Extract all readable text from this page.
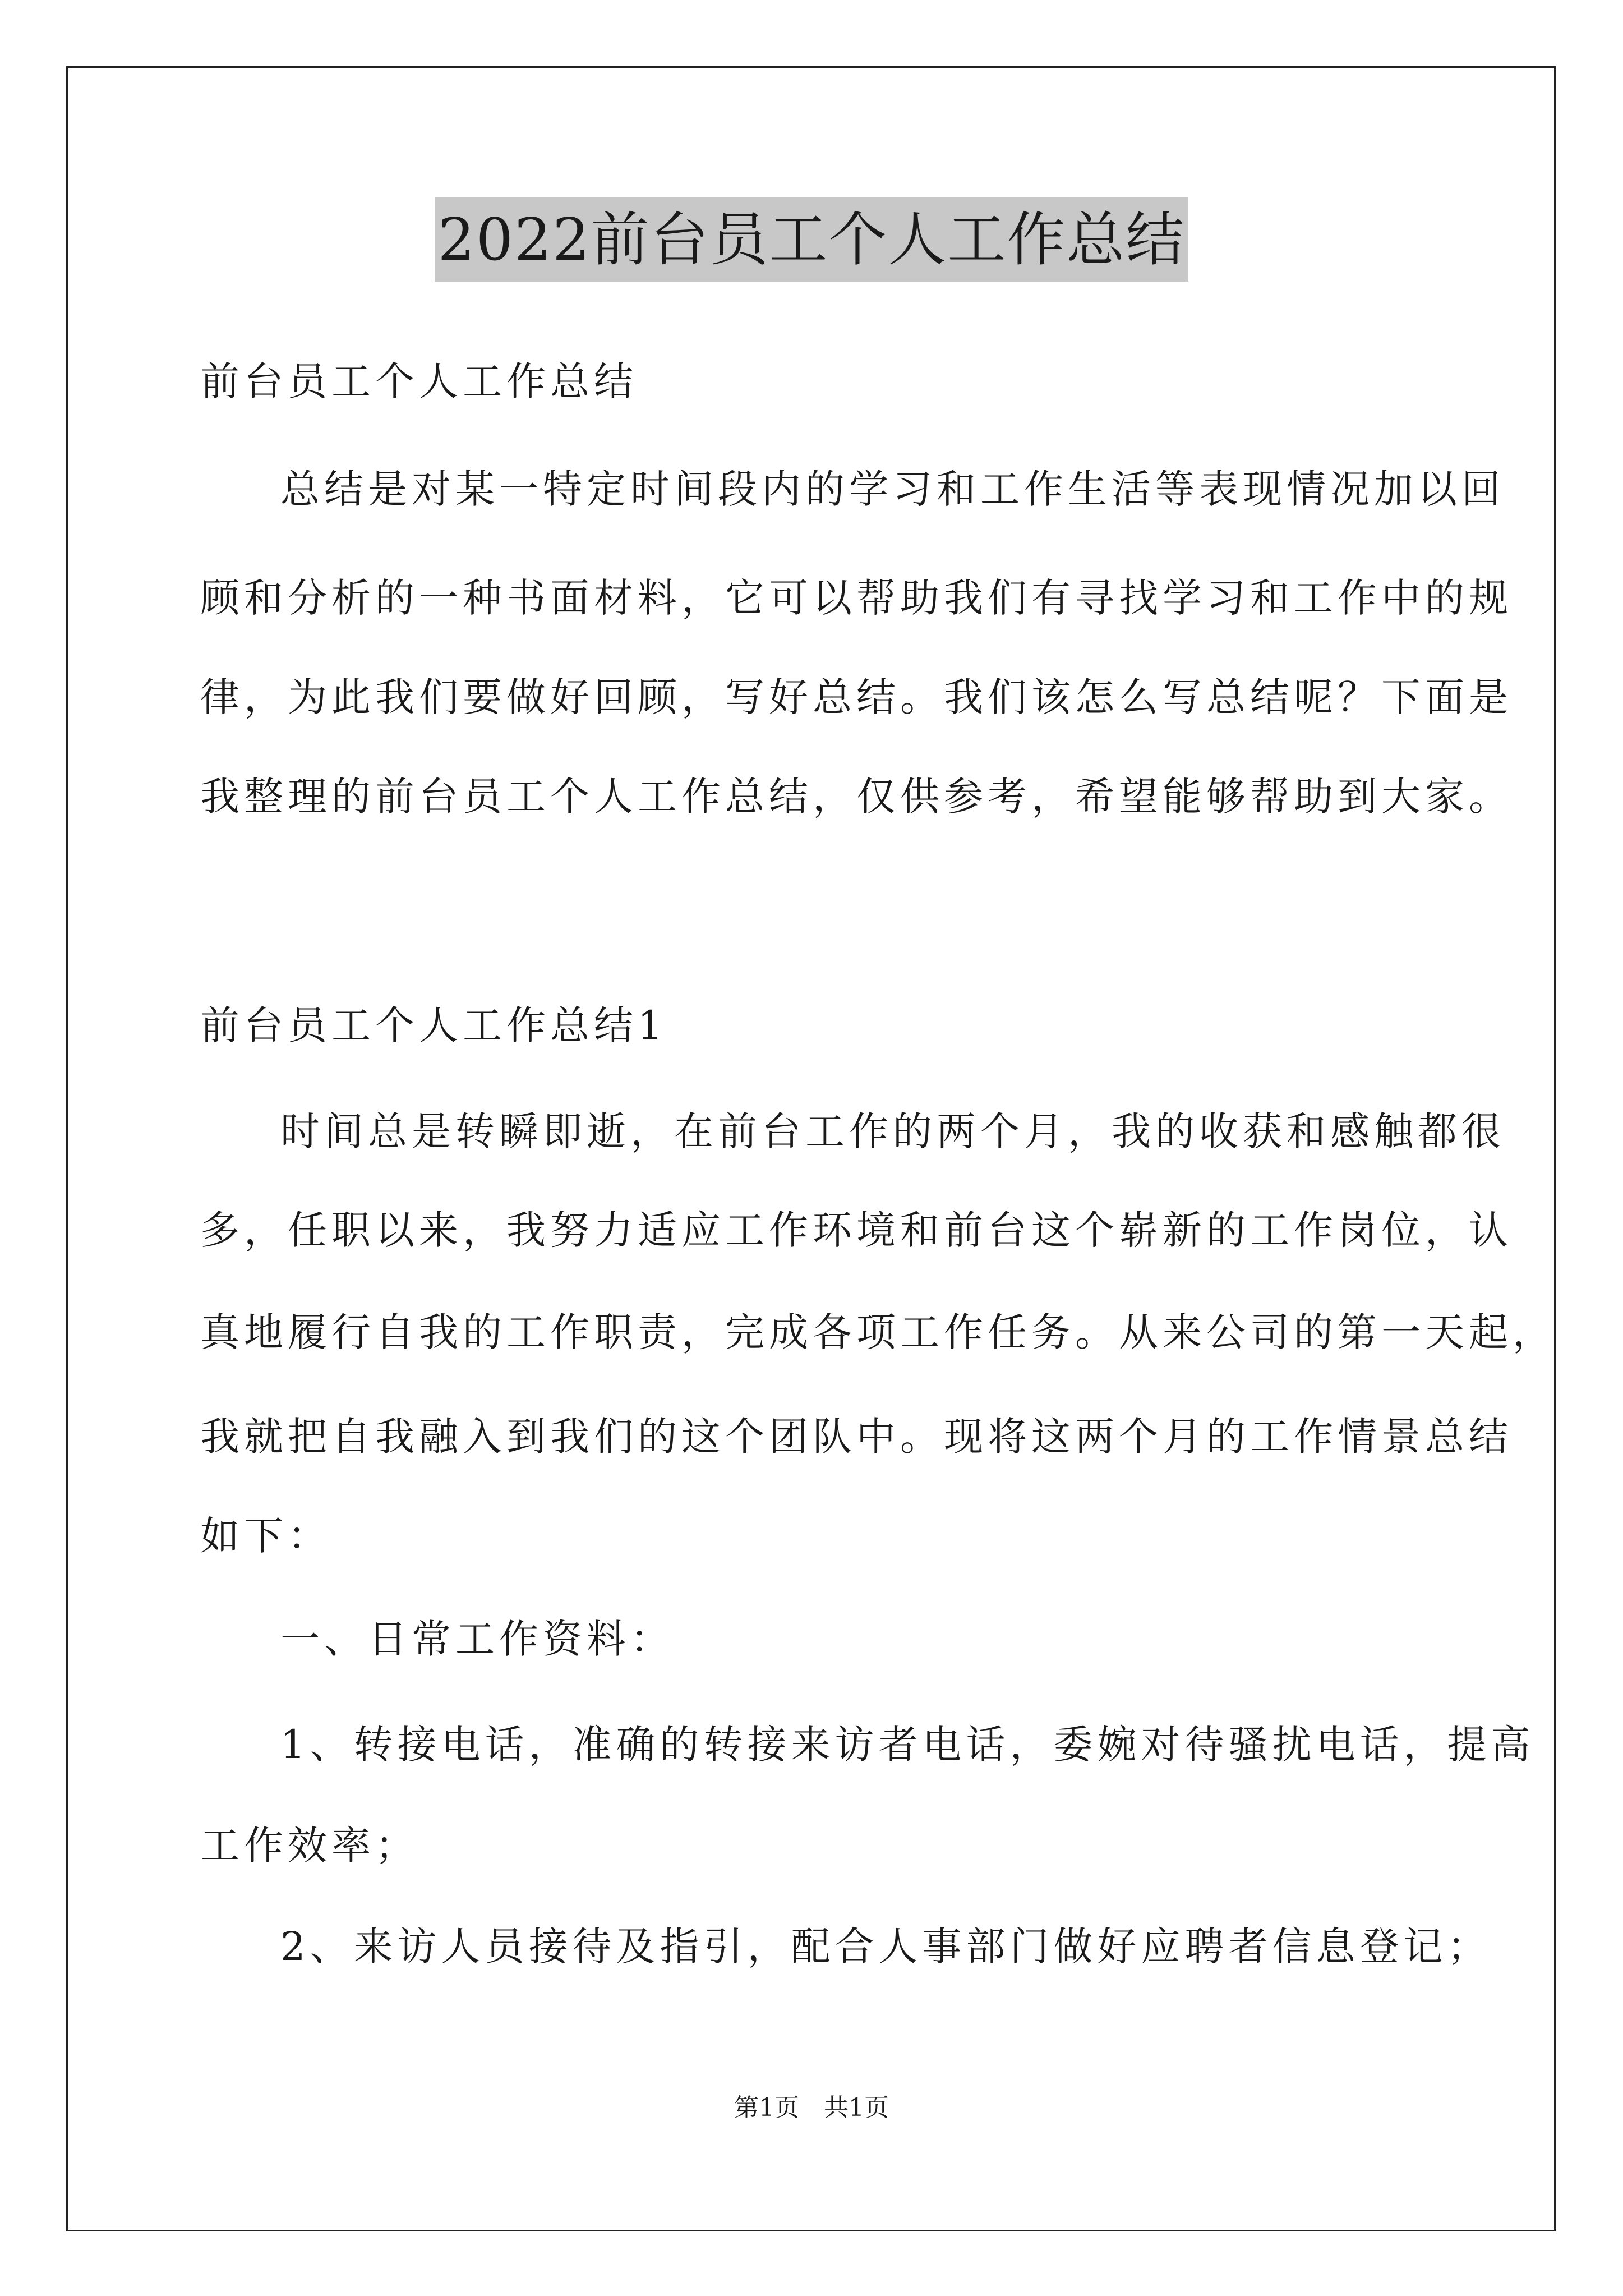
2022前台员工个人工作总结
前台员工个人工作总结
总结是对某一特定时间段内的学习和工作生活等表现情况加以回
顾和分析的一种书面材料，它可以帮助我们有寻找学习和工作中的规
律，为此我们要做好回顾，写好总结。我们该怎么写总结呢？下面是
我整理的前台员工个人工作总结，仅供参考，希望能够帮助到大家。
前台员工个人工作总结1
时间总是转瞬即逝，在前台工作的两个月，我的收获和感触都很
多，任职以来，我努力适应工作环境和前台这个崭新的工作岗位，认
真地履行自我的工作职责，完成各项工作任务。从来公司的第一天起，
我就把自我融入到我们的这个团队中。现将这两个月的工作情景总结
如下：
一、日常工作资料：
1、转接电话，准确的转接来访者电话，委婉对待骚扰电话，提高
工作效率；
2、来访人员接待及指引，配合人事部门做好应聘者信息登记；
第1页 共1页
